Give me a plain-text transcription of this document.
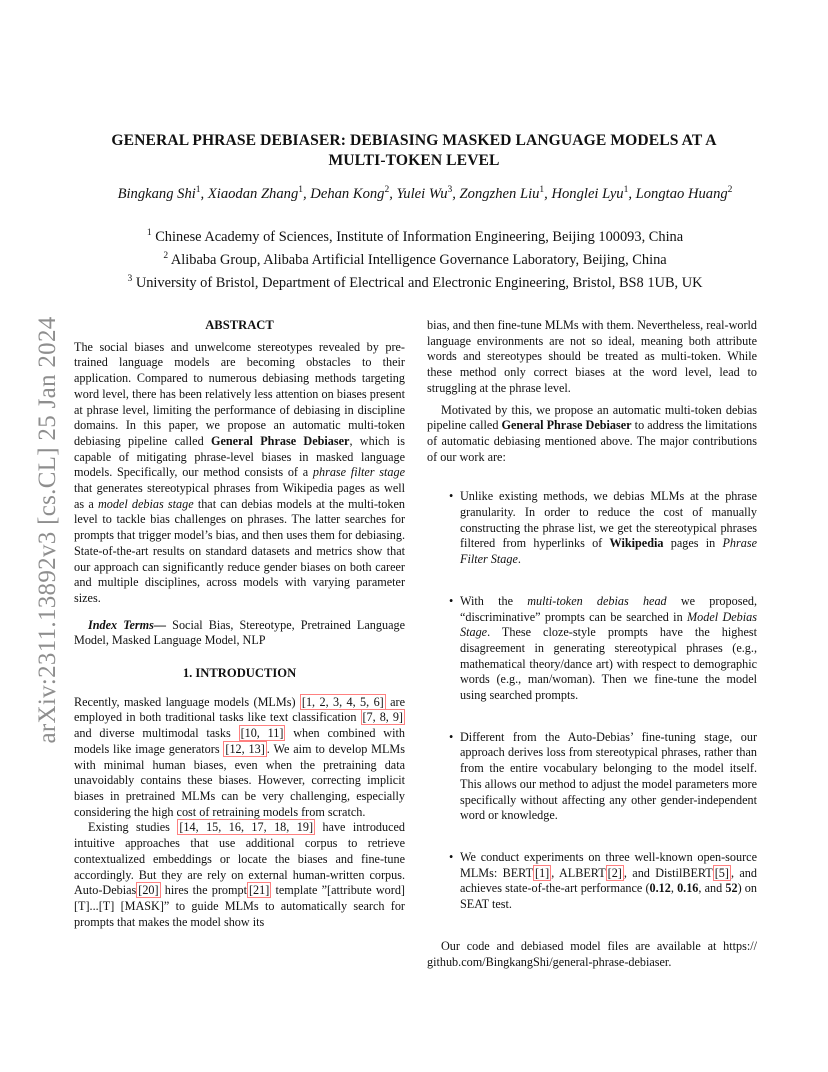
arXiv:2311.13892v3 [cs.CL] 25 Jan 2024
GENERAL PHRASE DEBIASER: DEBIASING MASKED LANGUAGE MODELS AT A
MULTI-TOKEN LEVEL
Bingkang Shi$^1$, Xiaodan Zhang$^1$, Dehan Kong$^2$, Yulei Wu$^3$, Zongzhen Liu$^1$, Honglei Lyu$^1$, Longtao Huang$^2$
$^1$ Chinese Academy of Sciences, Institute of Information Engineering, Beijing 100093, China
$^2$ Alibaba Group, Alibaba Artificial Intelligence Governance Laboratory, Beijing, China
$^3$ University of Bristol, Department of Electrical and Electronic Engineering, Bristol, BS8 1UB, UK
ABSTRACT

The social biases and unwelcome stereotypes revealed by pre-trained language models are becoming obstacles to their application. Compared to numerous debiasing methods targeting word level, there has been relatively less attention on biases present at phrase level, limiting the performance of debiasing in discipline domains. In this paper, we propose an automatic multi-token debiasing pipeline called General Phrase Debiaser, which is capable of mitigating phrase-level biases in masked language models. Specifically, our method consists of a phrase filter stage that generates stereotypical phrases from Wikipedia pages as well as a model debias stage that can debias models at the multi-token level to tackle bias challenges on phrases. The latter searches for prompts that trigger model’s bias, and then uses them for debiasing. State-of-the-art results on standard datasets and metrics show that our approach can significantly reduce gender biases on both career and multiple disciplines, across models with varying parameter sizes.

Index Terms— Social Bias, Stereotype, Pretrained Language Model, Masked Language Model, NLP

1. INTRODUCTION

Recently, masked language models (MLMs) [1, 2, 3, 4, 5, 6] are employed in both traditional tasks like text classification [7, 8, 9] and diverse multimodal tasks [10, 11] when combined with models like image generators [12, 13] . We aim to develop MLMs with minimal human biases, even when the pretraining data unavoidably contains these biases. However, correcting implicit biases in pretrained MLMs can be very challenging, especially considering the high cost of retraining models from scratch.

Existing studies [14, 15, 16, 17, 18, 19] have introduced intuitive approaches that use additional corpus to retrieve contextualized embeddings or locate the biases and fine-tune accordingly. But they are rely on external human-written corpus. Auto-Debias [20] hires the prompt [21] template ”[attribute word] [T]...[T] [MASK]” to guide MLMs to automatically search for prompts that makes the model show its

bias, and then fine-tune MLMs with them. Nevertheless, real-world language environments are not so ideal, meaning both attribute words and stereotypes should be treated as multi-token. While these method only correct biases at the word level, lead to struggling at the phrase level.

Motivated by this, we propose an automatic multi-token debias pipeline called General Phrase Debiaser to address the limitations of automatic debiasing mentioned above. The major contributions of our work are:

• Unlike existing methods, we debias MLMs at the phrase granularity. In order to reduce the cost of manually constructing the phrase list, we get the stereotypical phrases filtered from hyperlinks of Wikipedia pages in Phrase Filter Stage.
• With the multi-token debias head we proposed, “discriminative” prompts can be searched in Model Debias Stage. These cloze-style prompts have the highest disagreement in generating stereotypical phrases (e.g., mathematical theory/dance art) with respect to demographic words (e.g., man/woman). Then we fine-tune the model using searched prompts.
• Different from the Auto-Debias’ fine-tuning stage, our approach derives loss from stereotypical phrases, rather than from the entire vocabulary belonging to the model itself. This allows our method to adjust the model parameters more specifically without affecting any other gender-independent word or knowledge.
• We conduct experiments on three well-known open-source MLMs: BERT [1] , ALBERT [2] , and DistilBERT [5] , and achieves state-of-the-art performance (0.12, 0.16, and 52) on SEAT test.

Our code and debiased model files are available at https:// github.com/BingkangShi/general-phrase-debiaser.
